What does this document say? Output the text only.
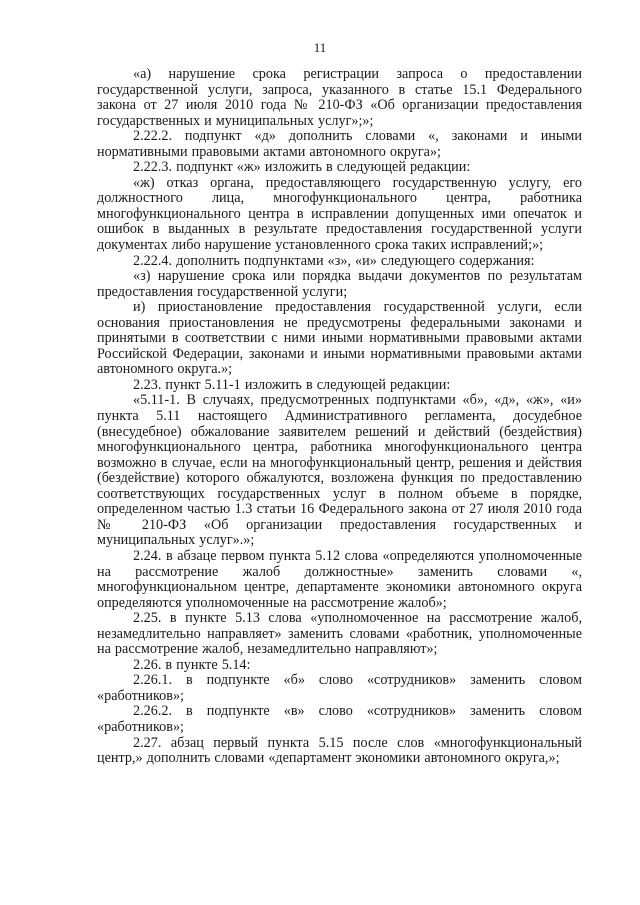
11

«а) нарушение срока регистрации запроса о предоставлении государственной услуги, запроса, указанного в статье 15.1 Федерального закона от 27 июля 2010 года № 210-ФЗ «Об организации предоставления государственных и муниципальных услуг»;»;

2.22.2. подпункт «д» дополнить словами «, законами и иными нормативными правовыми актами автономного округа»;

2.22.3. подпункт «ж» изложить в следующей редакции:

«ж) отказ органа, предоставляющего государственную услугу, его должностного лица, многофункционального центра, работника многофункционального центра в исправлении допущенных ими опечаток и ошибок в выданных в результате предоставления государственной услуги документах либо нарушение установленного срока таких исправлений;»;

2.22.4. дополнить подпунктами «з», «и» следующего содержания:

«з) нарушение срока или порядка выдачи документов по результатам предоставления государственной услуги;

и) приостановление предоставления государственной услуги, если основания приостановления не предусмотрены федеральными законами и принятыми в соответствии с ними иными нормативными правовыми актами Российской Федерации, законами и иными нормативными правовыми актами автономного округа.»;

2.23. пункт 5.11-1 изложить в следующей редакции:

«5.11-1. В случаях, предусмотренных подпунктами «б», «д», «ж», «и» пункта 5.11 настоящего Административного регламента, досудебное (внесудебное) обжалование заявителем решений и действий (бездействия) многофункционального центра, работника многофункционального центра возможно в случае, если на многофункциональный центр, решения и действия (бездействие) которого обжалуются, возложена функция по предоставлению соответствующих государственных услуг в полном объеме в порядке, определенном частью 1.3 статьи 16 Федерального закона от 27 июля 2010 года № 210-ФЗ «Об организации предоставления государственных и муниципальных услуг».»;

2.24. в абзаце первом пункта 5.12 слова «определяются уполномоченные на рассмотрение жалоб должностные» заменить словами «, многофункциональном центре, департаменте экономики автономного округа определяются уполномоченные на рассмотрение жалоб»;

2.25. в пункте 5.13 слова «уполномоченное на рассмотрение жалоб, незамедлительно направляет» заменить словами «работник, уполномоченные на рассмотрение жалоб, незамедлительно направляют»;

2.26. в пункте 5.14:

2.26.1. в подпункте «б» слово «сотрудников» заменить словом «работников»;

2.26.2. в подпункте «в» слово «сотрудников» заменить словом «работников»;

2.27. абзац первый пункта 5.15 после слов «многофункциональный центр,» дополнить словами «департамент экономики автономного округа,»;
